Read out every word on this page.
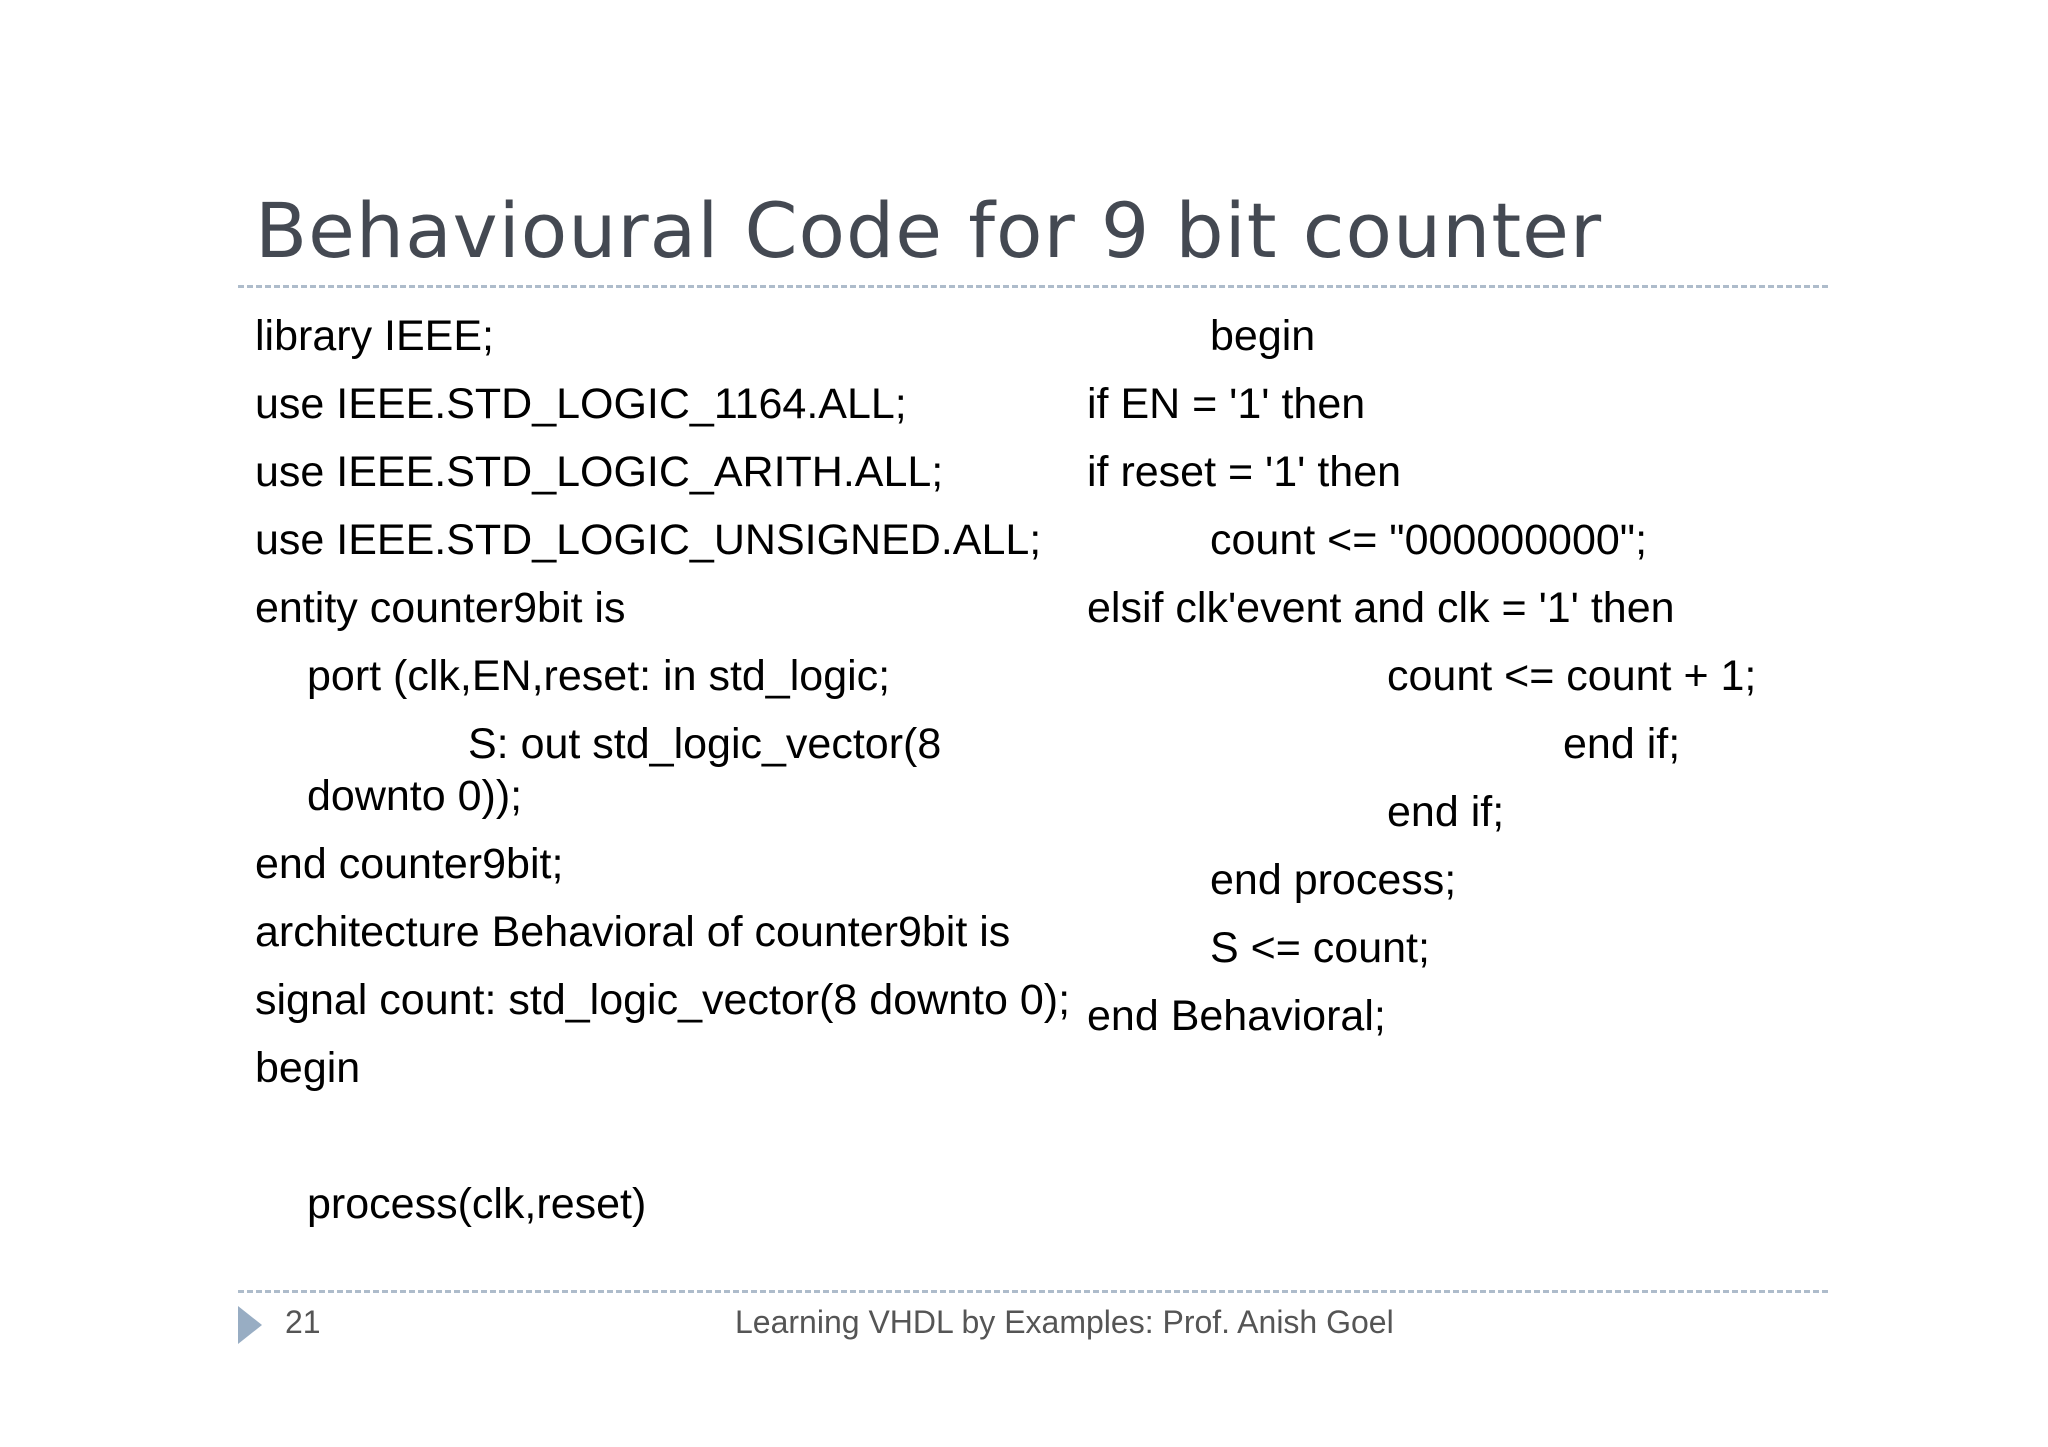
Behavioural Code for 9 bit counter

library IEEE;

use IEEE.STD_LOGIC_1164.ALL;

use IEEE.STD_LOGIC_ARITH.ALL;

use IEEE.STD_LOGIC_UNSIGNED.ALL;

entity counter9bit is

port (clk,EN,reset: in std_logic;

S: out std_logic_vector(8

downto 0));

end counter9bit;

architecture Behavioral of counter9bit is

signal count: std_logic_vector(8 downto 0);

begin

process(clk,reset)

begin

if EN = '1' then

if reset = '1' then

count <= "000000000";

elsif clk'event and clk = '1' then

count <= count + 1;

end if;

end if;

end process;

S <= count;

end Behavioral;

21	Learning VHDL by Examples: Prof. Anish Goel
